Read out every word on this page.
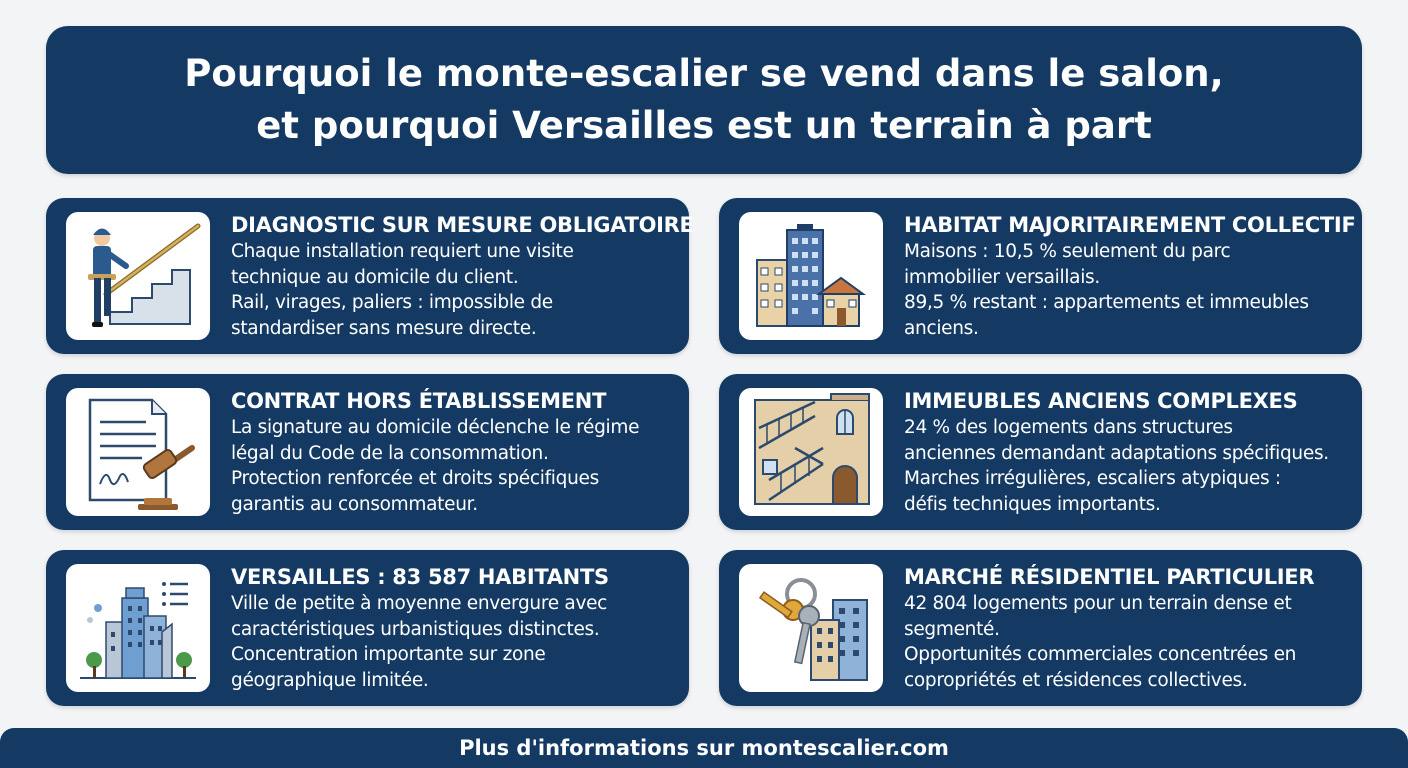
Pourquoi le monte-escalier se vend dans le salon,
et pourquoi Versailles est un terrain à part
DIAGNOSTIC SUR MESURE OBLIGATOIRE
Chaque installation requiert une visite
technique au domicile du client.
Rail, virages, paliers : impossible de
standardiser sans mesure directe.
HABITAT MAJORITAIREMENT COLLECTIF
Maisons : 10,5 % seulement du parc
immobilier versaillais.
89,5 % restant : appartements et immeubles
anciens.
CONTRAT HORS ÉTABLISSEMENT
La signature au domicile déclenche le régime
légal du Code de la consommation.
Protection renforcée et droits spécifiques
garantis au consommateur.
IMMEUBLES ANCIENS COMPLEXES
24 % des logements dans structures
anciennes demandant adaptations spécifiques.
Marches irrégulières, escaliers atypiques :
défis techniques importants.
VERSAILLES : 83 587 HABITANTS
Ville de petite à moyenne envergure avec
caractéristiques urbanistiques distinctes.
Concentration importante sur zone
géographique limitée.
MARCHÉ RÉSIDENTIEL PARTICULIER
42 804 logements pour un terrain dense et
segmenté.
Opportunités commerciales concentrées en
copropriétés et résidences collectives.
Plus d'informations sur montescalier.com
